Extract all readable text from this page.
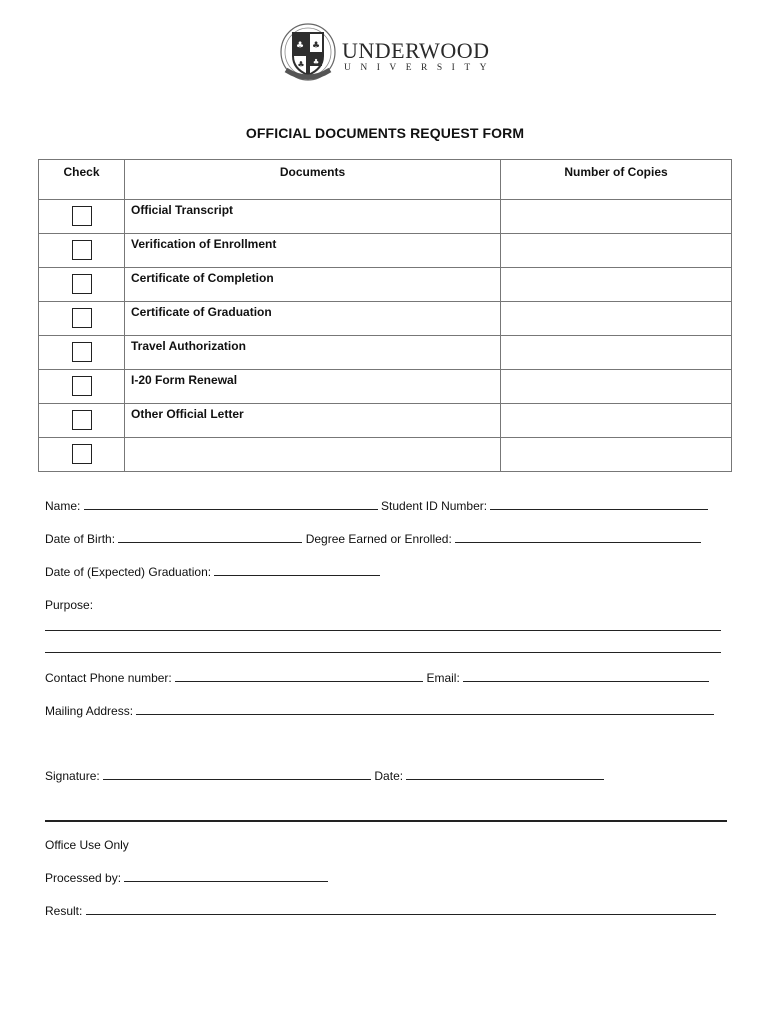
♣ ♣
♣ ♣ UNDERWOOD
UNIVERSITY
OFFICIAL DOCUMENTS REQUEST FORM
Check	Documents	Number of Copies

	Official Transcript	

	Verification of Enrollment	

	Certificate of Completion	

	Certificate of Graduation	

	Travel Authorization	

	I-20 Form Renewal	

	Other Official Letter	

Name:	Student ID Number:
Date of Birth:	Degree Earned or Enrolled:
Date of (Expected) Graduation:
Purpose:
Contact Phone number:	Email:
Mailing Address:
Signature:	Date:
Office Use Only
Processed by:
Result:
